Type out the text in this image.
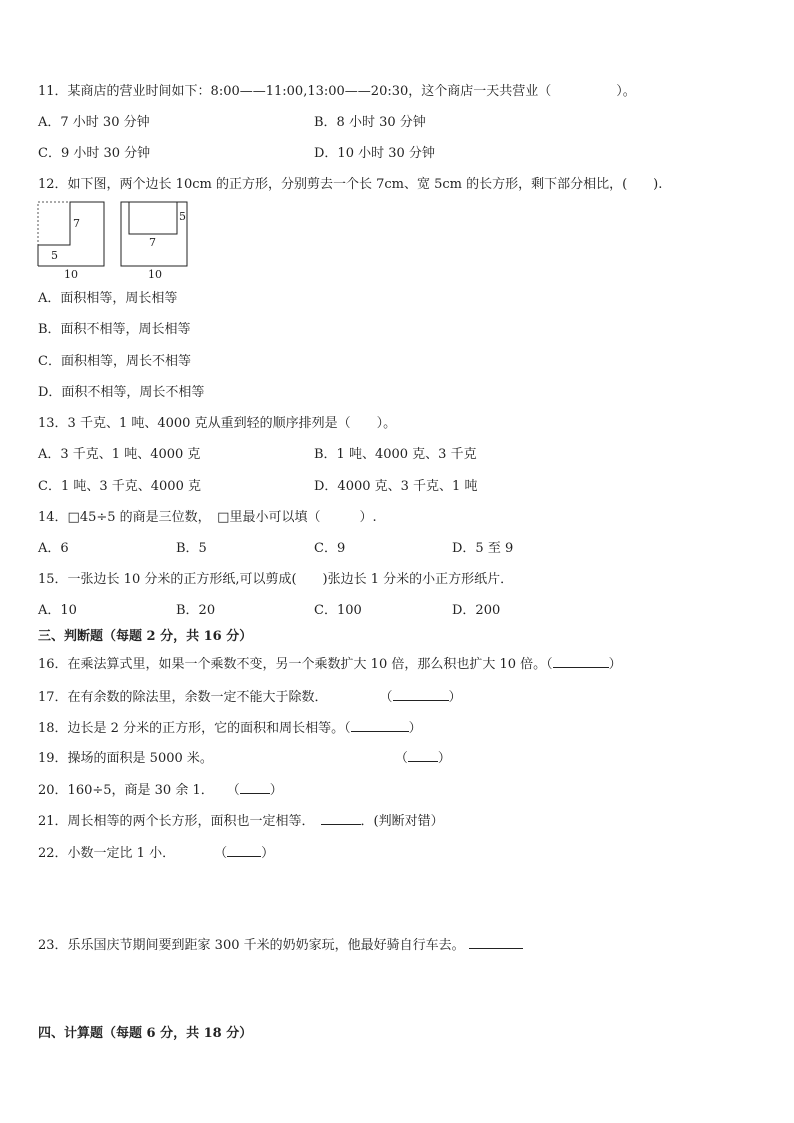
11．某商店的营业时间如下：8:00——11:00,13:00——20:30，这个商店一天共营业（　　　　　）。
A．7 小时 30 分钟	B．8 小时 30 分钟
C．9 小时 30 分钟	D．10 小时 30 分钟
12．如下图，两个边长 10cm 的正方形，分别剪去一个长 7cm、宽 5cm 的长方形，剩下部分相比，(　　).
7
5
10
5
7
10
A．面积相等，周长相等
B．面积不相等，周长相等
C．面积相等，周长不相等
D．面积不相等，周长不相等
13．3 千克、1 吨、4000 克从重到轻的顺序排列是（　　）。
A．3 千克、1 吨、4000 克	B．1 吨、4000 克、3 千克
C．1 吨、3 千克、4000 克	D．4000 克、3 千克、1 吨
14．□45÷5 的商是三位数，　□里最小可以填（　　　）.
A．6	B．5	C．9	D．5 至 9
15．一张边长 10 分米的正方形纸,可以剪成(　　)张边长 1 分米的小正方形纸片．
A．10	B．20	C．100	D．200
三、判断题（每题 2 分，共 16 分）
16．在乘法算式里，如果一个乘数不变，另一个乘数扩大 10 倍，那么积也扩大 10 倍。（	）
17．在有余数的除法里，余数一定不能大于除数．　　　　　（	）
18．边长是 2 分米的正方形，它的面积和周长相等。（	）
19．操场的面积是 5000 米。　　　　　　　　　　　　　　　（ ）
20．160÷5，商是 30 余 1．　　（ ）
21．周长相等的两个长方形，面积也一定相等．	．(判断对错）
22．小数一定比 1 小．　　　　（	）
23．乐乐国庆节期间要到距家 300 千米的奶奶家玩，他最好骑自行车去。
四、计算题（每题 6 分，共 18 分）
